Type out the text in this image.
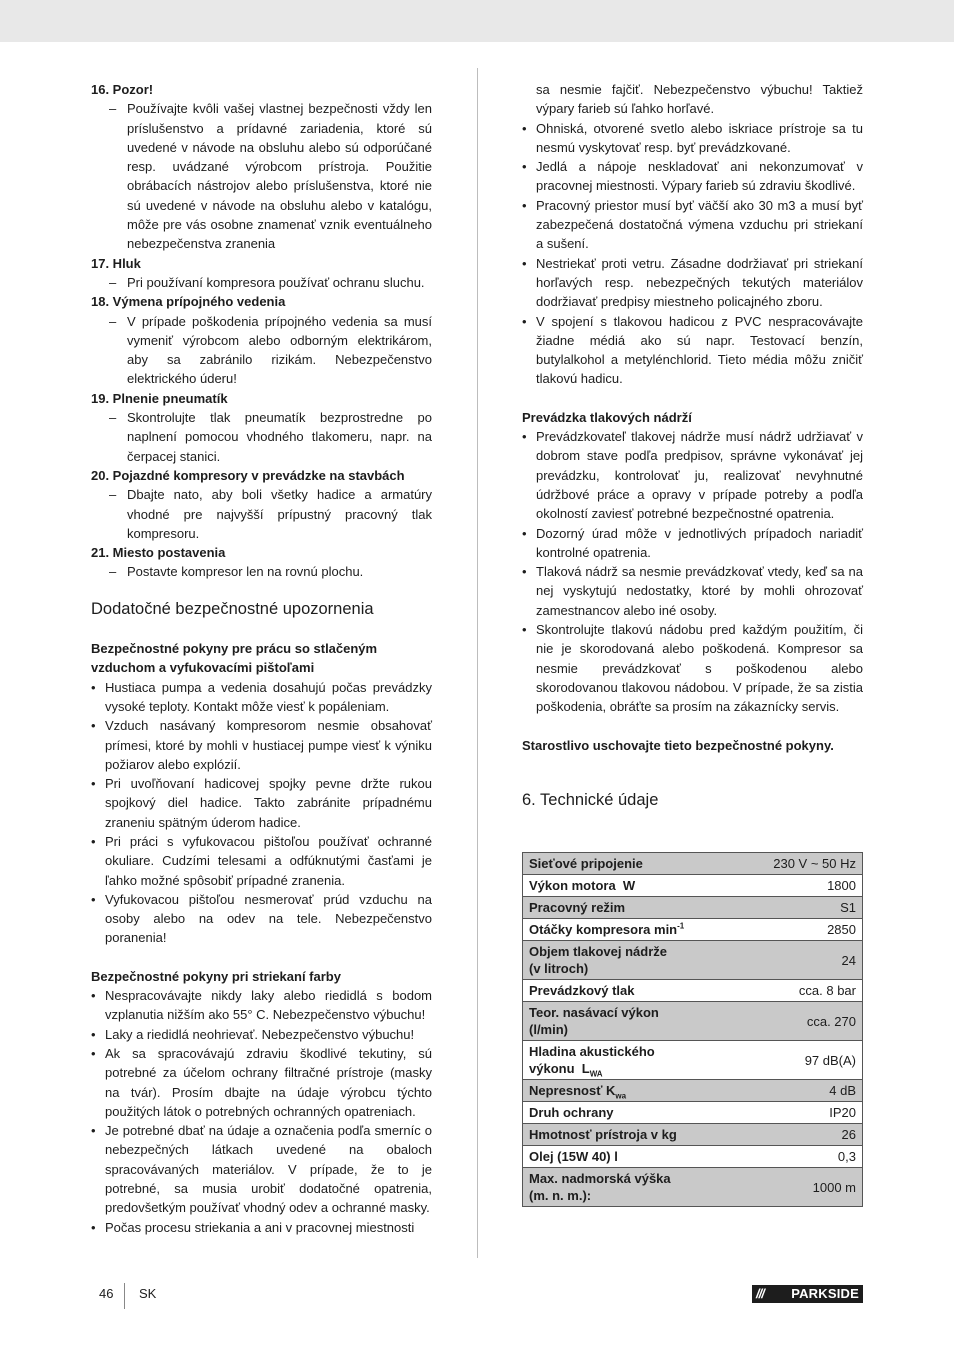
16. Pozor!
– Používajte kvôli vašej vlastnej bezpečnosti vždy len príslušenstvo a prídavné zariadenia, ktoré sú uvedené v návode na obsluhu alebo sú odporúčané resp. uvádzané výrobcom prístroja. Použitie obrábacích nástrojov alebo príslušenstva, ktoré nie sú uvedené v návode na obsluhu alebo v katalógu, môže pre vás osobne znamenať vznik eventuálneho nebezpečenstva zranenia
17. Hluk
– Pri používaní kompresora používať ochranu sluchu.
18. Výmena prípojného vedenia
– V prípade poškodenia prípojného vedenia sa musí vymeniť výrobcom alebo odborným elektrikárom, aby sa zabránilo rizikám. Nebezpečenstvo elektrického úderu!
19. Plnenie pneumatík
– Skontrolujte tlak pneumatík bezprostredne po naplnení pomocou vhodného tlakomeru, napr. na čerpacej stanici.
20. Pojazdné kompresory v prevádzke na stavbách
– Dbajte nato, aby boli všetky hadice a armatúry vhodné pre najvyšší prípustný pracovný tlak kompresoru.
21. Miesto postavenia
– Postavte kompresor len na rovnú plochu.
Dodatočné bezpečnostné upozornenia
Bezpečnostné pokyny pre prácu so stlačeným vzduchom a vyfukovacími pištoľami
• Hustiaca pumpa a vedenia dosahujú počas prevádzky vysoké teploty. Kontakt môže viesť k popáleniam.
• Vzduch nasávaný kompresorom nesmie obsahovať prímesi, ktoré by mohli v hustiacej pumpe viesť k výniku požiarov alebo explózií.
• Pri uvoľňovaní hadicovej spojky pevne držte rukou spojkový diel hadice. Takto zabránite prípadnému zraneniu spätným úderom hadice.
• Pri práci s vyfukovacou pištoľou používať ochranné okuliare. Cudzími telesami a odfúknutými časťami je ľahko možné spôsobiť prípadné zranenia.
• Vyfukovacou pištoľou nesmerovať prúd vzduchu na osoby alebo na odev na tele. Nebezpečenstvo poranenia!
Bezpečnostné pokyny pri striekaní farby
• Nespracovávajte nikdy laky alebo riedidlá s bodom vzplanutia nižším ako 55° C. Nebezpečenstvo výbuchu!
• Laky a riedidlá neohrievať. Nebezpečenstvo výbuchu!
• Ak sa spracovávajú zdraviu škodlivé tekutiny, sú potrebné za účelom ochrany filtračné prístroje (masky na tvár). Prosím dbajte na údaje výrobcu týchto použitých látok o potrebných ochranných opatreniach.
• Je potrebné dbať na údaje a označenia podľa smerníc o nebezpečných látkach uvedené na obaloch spracovávaných materiálov. V prípade, že to je potrebné, sa musia urobiť dodatočné opatrenia, predovšetkým používať vhodný odev a ochranné masky.
• Počas procesu striekania a ani v pracovnej miestnosti
sa nesmie fajčiť. Nebezpečenstvo výbuchu! Taktiež výpary farieb sú ľahko horľavé.
• Ohniská, otvorené svetlo alebo iskriace prístroje sa tu nesmú vyskytovať resp. byť prevádzkované.
• Jedlá a nápoje neskladovať ani nekonzumovať v pracovnej miestnosti. Výpary farieb sú zdraviu škodlivé.
• Pracovný priestor musí byť väčší ako 30 m3 a musí byť zabezpečená dostatočná výmena vzduchu pri striekaní a sušení.
• Nestriekať proti vetru. Zásadne dodržiavať pri striekaní horľavých resp. nebezpečných tekutých materiálov dodržiavať predpisy miestneho policajného zboru.
• V spojení s tlakovou hadicou z PVC nespracovávajte žiadne médiá ako sú napr. Testovací benzín, butylalkohol a metylénchlorid. Tieto média môžu zničiť tlakovú hadicu.
Prevádzka tlakových nádrží
• Prevádzkovateľ tlakovej nádrže musí nádrž udržiavať v dobrom stave podľa predpisov, správne vykonávať jej prevádzku, kontrolovať ju, realizovať nevyhnutné údržbové práce a opravy v prípade potreby a podľa okolností zaviesť potrebné bezpečnostné opatrenia.
• Dozorný úrad môže v jednotlivých prípadoch nariadiť kontrolné opatrenia.
• Tlaková nádrž sa nesmie prevádzkovať vtedy, keď sa na nej vyskytujú nedostatky, ktoré by mohli ohrozovať zamestnancov alebo iné osoby.
• Skontrolujte tlakovú nádobu pred každým použitím, či nie je skorodovaná alebo poškodená. Kompresor sa nesmie prevádzkovať s poškodenou alebo skorodovanou tlakovou nádobou. V prípade, že sa zistia poškodenia, obráťte sa prosím na zákaznícky servis.
Starostlivo uschovajte tieto bezpečnostné pokyny.
6. Technické údaje
Sieťové pripojenie	230 V ~ 50 Hz
Výkon motora  W	1800
Pracovný režim	S1
Otáčky kompresora $\min^{-1}$	2850
Objem tlakovej nádrže
(v litroch)	24
Prevádzkový tlak	cca. 8 bar
Teor. nasávací výkon
(l/min)	cca. 270
Hladina akustického
výkonu  $L_{WA}$	97 dB(A)
Nepresnosť $K_{wa}$	4 dB
Druh ochrany	IP20
Hmotnosť prístroja v kg	26
Olej (15W 40) l	0,3
Max. nadmorská výška
(m. n. m.):	1000 m
46 SK	/// PARKSIDE
